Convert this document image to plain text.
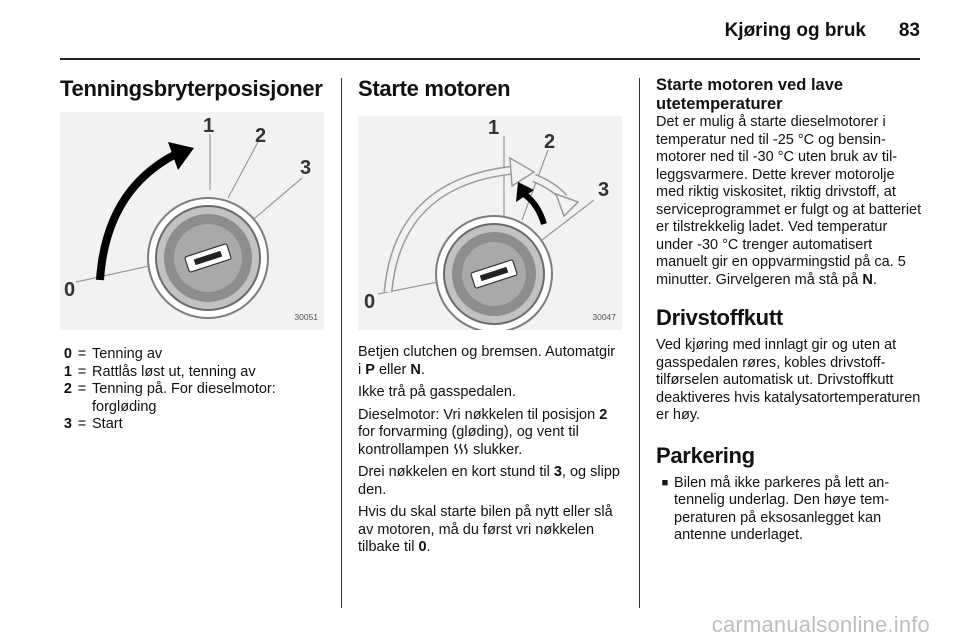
Kjøring og bruk	83
Tenningsbryterposisjoner
1 2
3
0
30051
0 = Tenning av
1 = Rattlås løst ut, tenning av
2 = Tenning på. For dieselmotor: forgløding
3 = Start
Starte motoren
1
2
3
0
30047

Betjen clutchen og bremsen. Automatgir i P eller N.

Ikke trå på gasspedalen.

Dieselmotor: Vri nøkkelen til posisjon 2 for forvarming (gløding), og vent til kontrollampen  slukker.

Drei nøkkelen en kort stund til 3, og slipp den.

Hvis du skal starte bilen på nytt eller slå av motoren, må du først vri nøkkelen tilbake til 0.

Starte motoren ved lave utetemperaturer

Det er mulig å starte dieselmotorer i temperatur ned til -25 °C og bensinmotorer ned til -30 °C uten bruk av tilleggsvarmere. Dette krever motorolje med riktig viskositet, riktig drivstoff, at serviceprogrammet er fulgt og at batteriet er tilstrekkelig ladet. Ved temperatur under -30 °C trenger automatisert manuelt gir en oppvarmingstid på ca. 5 minutter. Girvelgeren må stå på N.

Drivstoffkutt

Ved kjøring med innlagt gir og uten at gasspedalen røres, kobles drivstofftilførselen automatisk ut. Drivstoffkutt deaktiveres hvis katalysatortemperaturen er høy.

Parkering
■ Bilen må ikke parkeres på lett antennelig underlag. Den høye temperaturen på eksosanlegget kan antenne underlaget.
carmanualsonline.info
